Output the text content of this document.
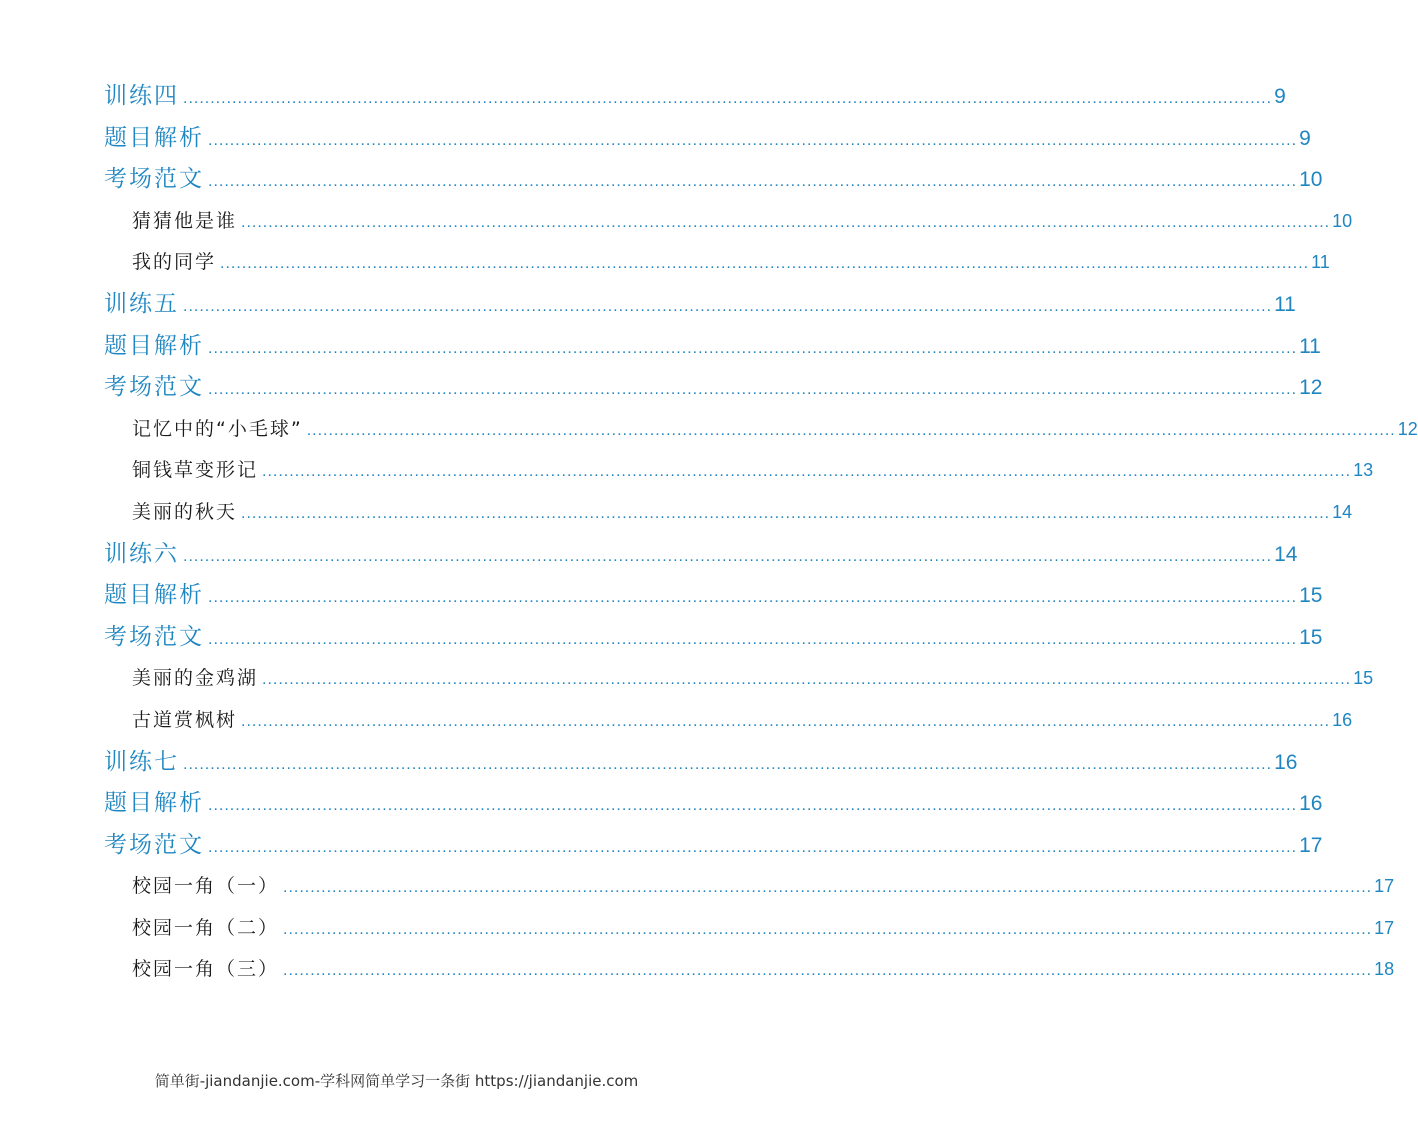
训练四 ........................................................................................................................................................................................................ 9
题目解析 ........................................................................................................................................................................................................ 9
考场范文 ........................................................................................................................................................................................................ 10
猜猜他是谁 ........................................................................................................................................................................................................ 10
我的同学 ........................................................................................................................................................................................................ 11
训练五 ........................................................................................................................................................................................................ 11
题目解析 ........................................................................................................................................................................................................ 11
考场范文 ........................................................................................................................................................................................................ 12
记忆中的“小毛球” ........................................................................................................................................................................................................ 12
铜钱草变形记 ........................................................................................................................................................................................................ 13
美丽的秋天 ........................................................................................................................................................................................................ 14
训练六 ........................................................................................................................................................................................................ 14
题目解析 ........................................................................................................................................................................................................ 15
考场范文 ........................................................................................................................................................................................................ 15
美丽的金鸡湖 ........................................................................................................................................................................................................ 15
古道赏枫树 ........................................................................................................................................................................................................ 16
训练七 ........................................................................................................................................................................................................ 16
题目解析 ........................................................................................................................................................................................................ 16
考场范文 ........................................................................................................................................................................................................ 17
校园一角（一） ........................................................................................................................................................................................................ 17
校园一角（二） ........................................................................................................................................................................................................ 17
校园一角（三） ........................................................................................................................................................................................................ 18
简单街-jiandanjie.com-学科网简单学习一条街 https://jiandanjie.com
